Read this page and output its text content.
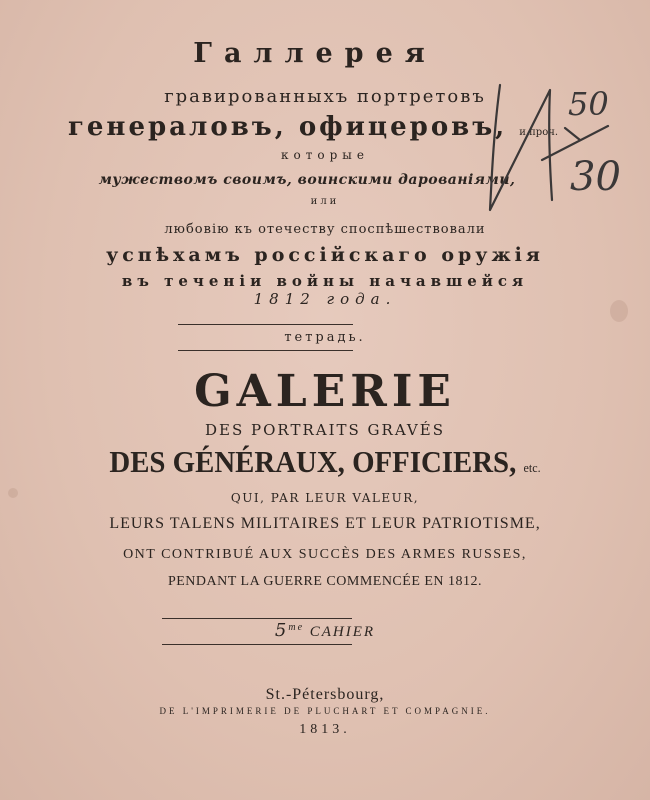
Галлерея
гравированныхъ портретовъ
генераловъ, офицеровъ, и проч.
которые
мужествомъ своимъ, воинскими дарованіями,
или
любовію къ отечеству споспѣшествовали
успѣхамъ россійскаго оружія
въ теченіи войны начавшейся
1812 года.
тетрадь.
GALERIE
DES PORTRAITS GRAVÉS
DES GÉNÉRAUX, OFFICIERS, etc.
QUI, PAR LEUR VALEUR,
LEURS TALENS MILITAIRES ET LEUR PATRIOTISME,
ONT CONTRIBUÉ AUX SUCCÈS DES ARMES RUSSES,
PENDANT LA GUERRE COMMENCÉE EN 1812.
$5^{me}$ CAHIER
St.-Pétersbourg,
DE L'IMPRIMERIE DE PLUCHART ET COMPAGNIE.
1813.
50
30
